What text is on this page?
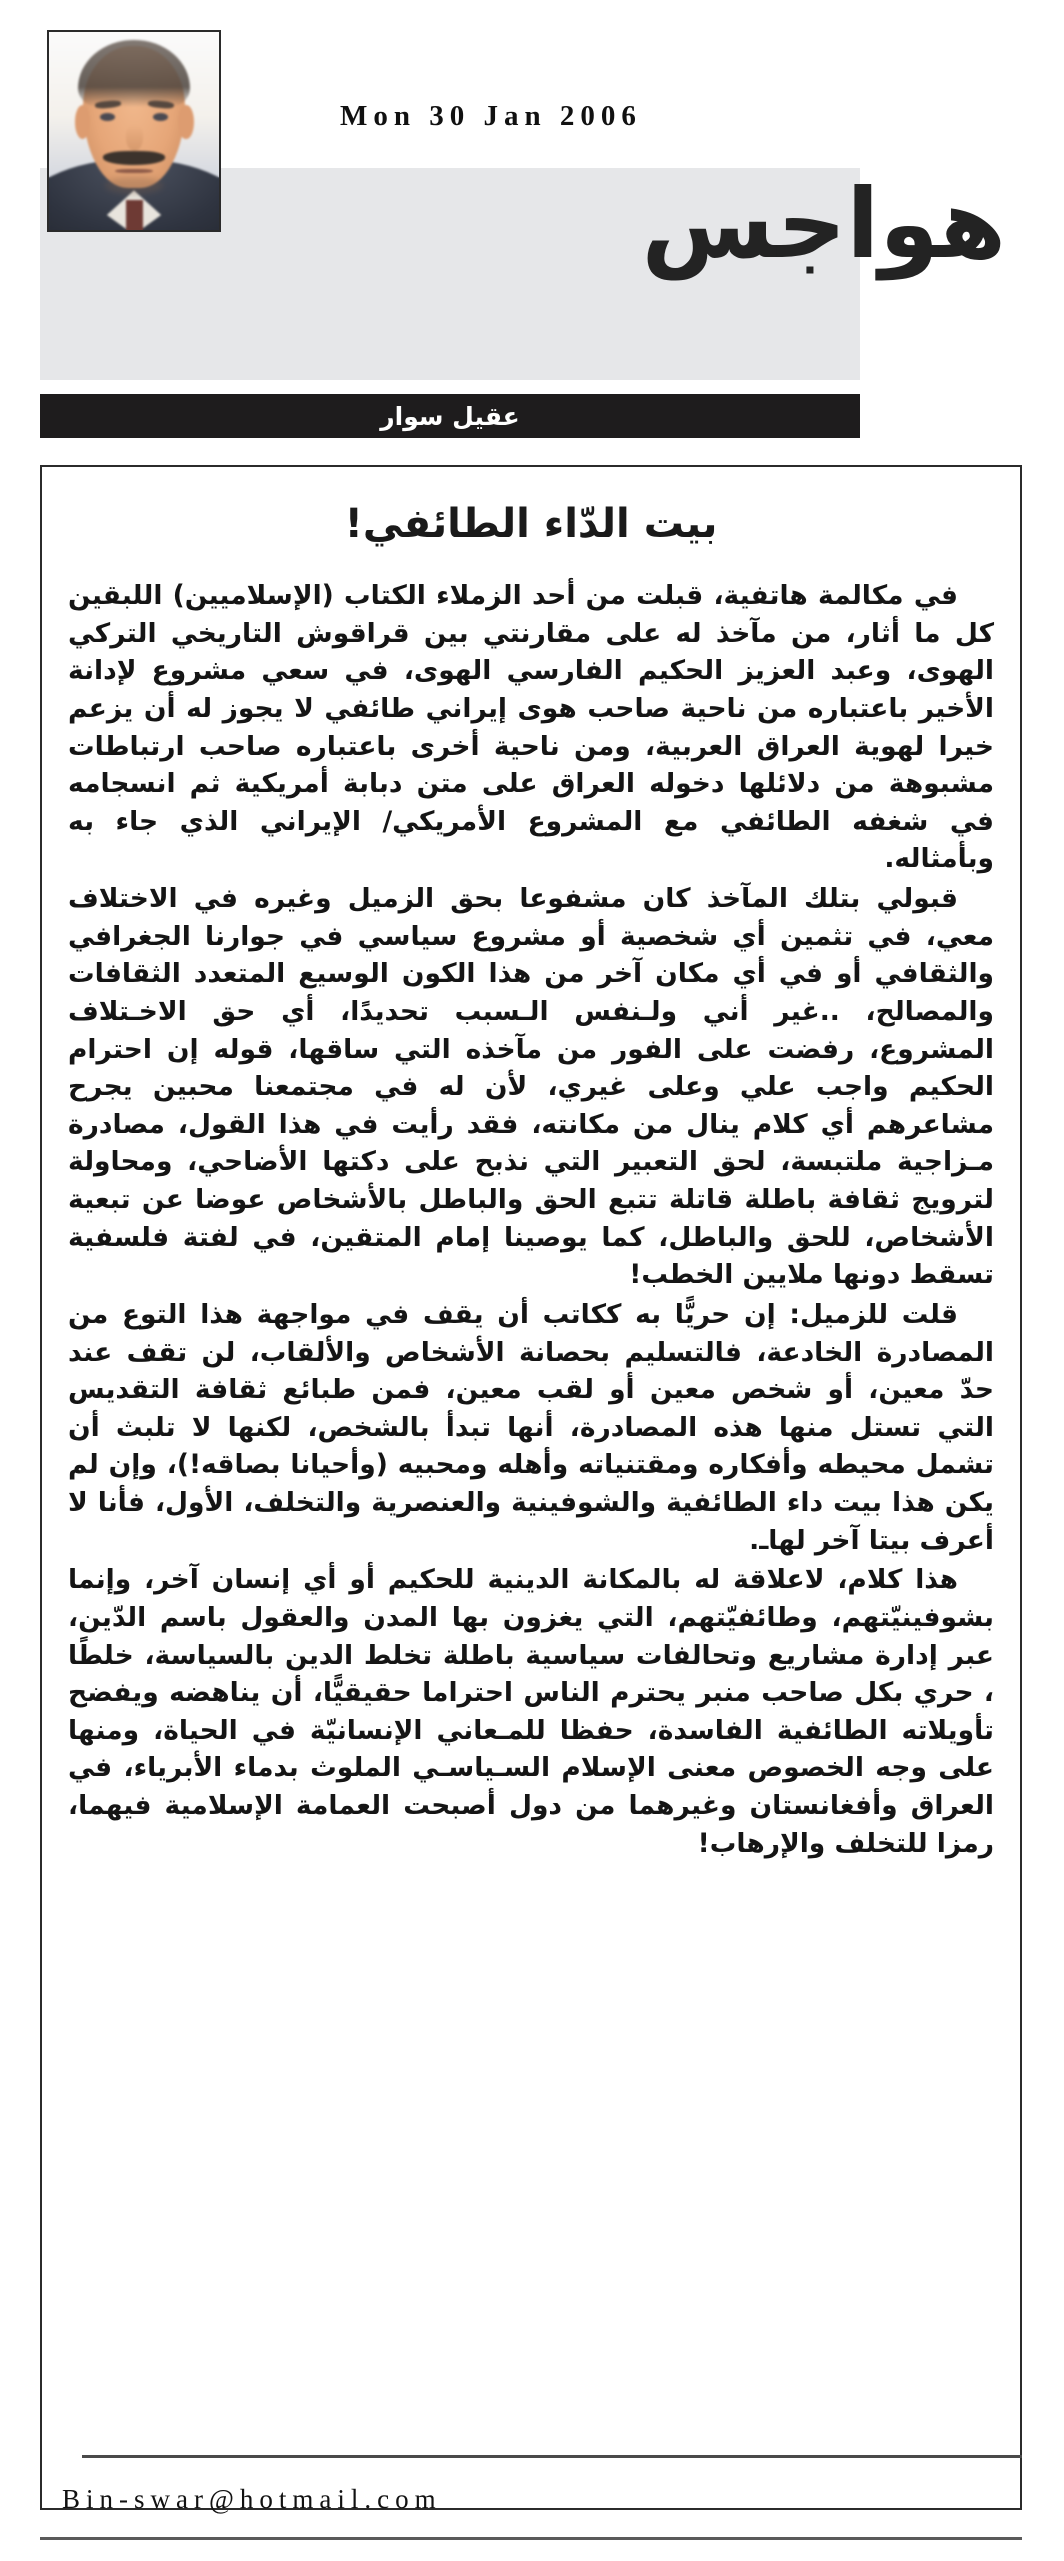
Mon 30 Jan 2006
هواجس
عقيل سوار
بيت الدّاء الطائفي!

في مكالمة هاتفية، قبلت من أحد الزملاء الكتاب (الإسلاميين) اللبقين كل ما أثار، من مآخذ له على مقارنتي بين قراقوش التاريخي التركي الهوى، وعبد العزيز الحكيم الفارسي الهوى، في سعي مشروع لإدانة الأخير باعتباره من ناحية صاحب هوى إيراني طائفي لا يجوز له أن يزعم خيرا لهوية العراق العربية، ومن ناحية أخرى باعتباره صاحب ارتباطات مشبوهة من دلائلها دخوله العراق على متن دبابة أمريكية ثم انسجامه في شغفه الطائفي مع المشروع الأمريكي/ الإيراني الذي جاء به وبأمثاله.

قبولي بتلك المآخذ كان مشفوعا بحق الزميل وغيره في الاختلاف معي، في تثمين أي شخصية أو مشروع سياسي في جوارنا الجغرافي والثقافي أو في أي مكان آخر من هذا الكون الوسيع المتعدد الثقافات والمصالح، ..غير أني ولـنفس الـسبب تحديدًا، أي حق الاخـتلاف المشروع، رفضت على الفور من مآخذه التي ساقها، قوله إن احترام الحكيم واجب علي وعلى غيري، لأن له في مجتمعنا محبين يجرح مشاعرهم أي كلام ينال من مكانته، فقد رأيت في هذا القول، مصادرة مـزاجية ملتبسة، لحق التعبير التي نذبح على دكتها الأضاحي، ومحاولة لترويج ثقافة باطلة قاتلة تتبع الحق والباطل بالأشخاص عوضا عن تبعية الأشخاص، للحق والباطل، كما يوصينا إمام المتقين، في لفتة فلسفية تسقط دونها ملايين الخطب!

قلت للزميل: إن حريًّا به ككاتب أن يقف في مواجهة هذا التوع من المصادرة الخادعة، فالتسليم بحصانة الأشخاص والألقاب، لن تقف عند حدّ معين، أو شخص معين أو لقب معين، فمن طبائع ثقافة التقديس التي تستل منها هذه المصادرة، أنها تبدأ بالشخص، لكنها لا تلبث أن تشمل محيطه وأفكاره ومقتنياته وأهله ومحبيه (وأحيانا بصاقه!)، وإن لم يكن هذا بيت داء الطائفية والشوفينية والعنصرية والتخلف، الأول، فأنا لا أعرف بيتا آخر لهاـ.

هذا كلام، لاعلاقة له بالمكانة الدينية للحكيم أو أي إنسان آخر، وإنما بشوفينيّتهم، وطائفيّتهم، التي يغزون بها المدن والعقول باسم الدّين، عبر إدارة مشاريع وتحالفات سياسية باطلة تخلط الدين بالسياسة، خلطًا ، حري بكل صاحب منبر يحترم الناس احتراما حقيقيًّا، أن يناهضه ويفضح تأويلاته الطائفية الفاسدة، حفظا للمـعاني الإنسانيّة في الحياة، ومنها على وجه الخصوص معنى الإسلام السـياسـي الملوث بدماء الأبرياء، في العراق وأفغانستان وغيرهما من دول أصبحت العمامة الإسلامية فيهما، رمزا للتخلف والإرهاب!

Bin-swar@hotmail.com
